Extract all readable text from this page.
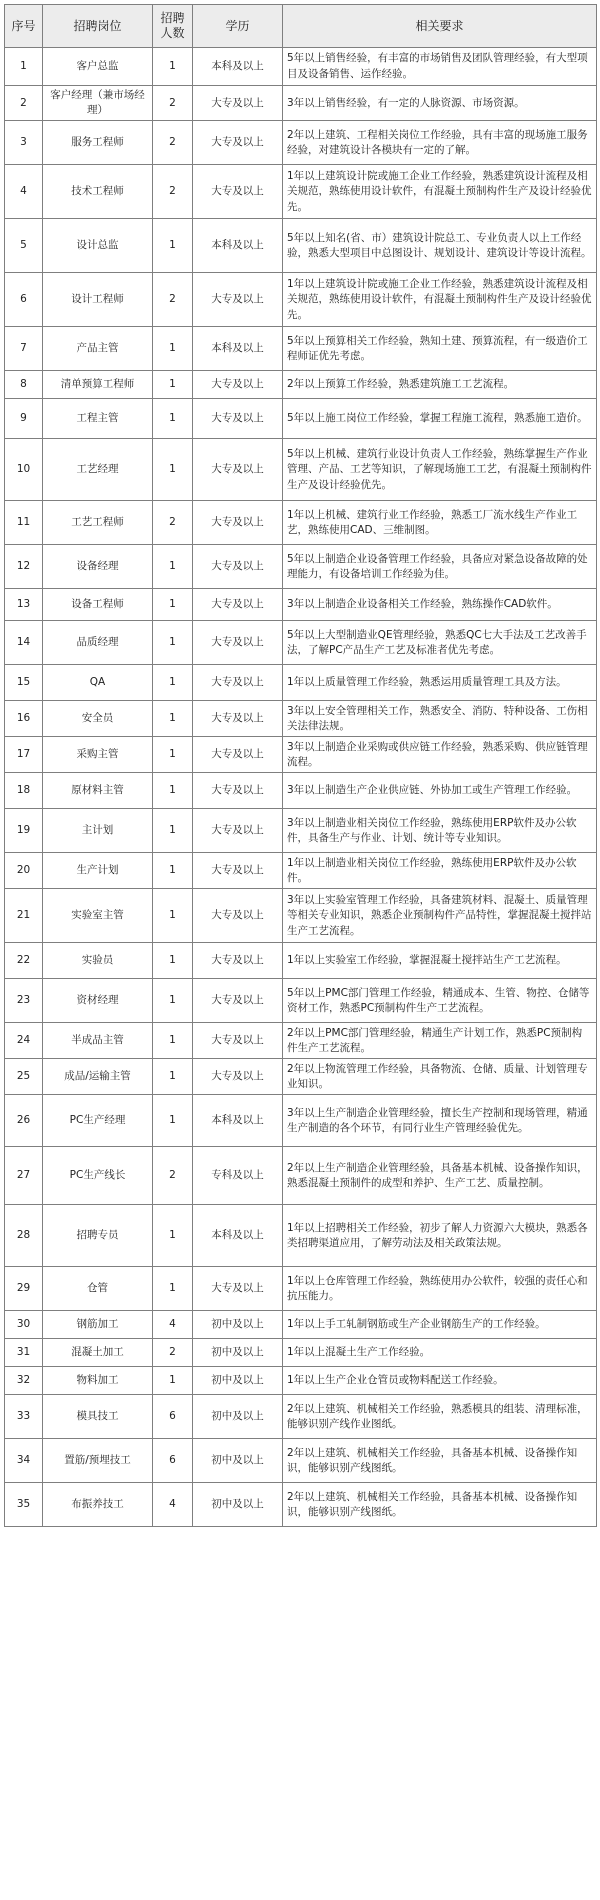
序号	招聘岗位	招聘人数	学历	相关要求
1	客户总监	1	本科及以上	5年以上销售经验，有丰富的市场销售及团队管理经验，有大型项目及设备销售、运作经验。
2	客户经理（兼市场经理）	2	大专及以上	3年以上销售经验，有一定的人脉资源、市场资源。
3	服务工程师	2	大专及以上	2年以上建筑、工程相关岗位工作经验，具有丰富的现场施工服务经验，对建筑设计各模块有一定的了解。
4	技术工程师	2	大专及以上	1年以上建筑设计院或施工企业工作经验，熟悉建筑设计流程及相关规范，熟练使用设计软件，有混凝土预制构件生产及设计经验优先。
5	设计总监	1	本科及以上	5年以上知名(省、市）建筑设计院总工、专业负责人以上工作经验，熟悉大型项目中总图设计、规划设计、建筑设计等设计流程。
6	设计工程师	2	大专及以上	1年以上建筑设计院或施工企业工作经验，熟悉建筑设计流程及相关规范，熟练使用设计软件，有混凝土预制构件生产及设计经验优先。
7	产品主管	1	本科及以上	5年以上预算相关工作经验，熟知土建、预算流程，有一级造价工程师证优先考虑。
8	清单预算工程师	1	大专及以上	2年以上预算工作经验，熟悉建筑施工工艺流程。
9	工程主管	1	大专及以上	5年以上施工岗位工作经验，掌握工程施工流程，熟悉施工造价。
10	工艺经理	1	大专及以上	5年以上机械、建筑行业设计负责人工作经验，熟练掌握生产作业管理、产品、工艺等知识，了解现场施工工艺，有混凝土预制构件生产及设计经验优先。
11	工艺工程师	2	大专及以上	1年以上机械、建筑行业工作经验，熟悉工厂流水线生产作业工艺，熟练使用CAD、三维制图。
12	设备经理	1	大专及以上	5年以上制造企业设备管理工作经验，具备应对紧急设备故障的处理能力，有设备培训工作经验为佳。
13	设备工程师	1	大专及以上	3年以上制造企业设备相关工作经验，熟练操作CAD软件。
14	品质经理	1	大专及以上	5年以上大型制造业QE管理经验，熟悉QC七大手法及工艺改善手法，了解PC产品生产工艺及标准者优先考虑。
15	QA	1	大专及以上	1年以上质量管理工作经验，熟悉运用质量管理工具及方法。
16	安全员	1	大专及以上	3年以上安全管理相关工作，熟悉安全、消防、特种设备、工伤相关法律法规。
17	采购主管	1	大专及以上	3年以上制造企业采购或供应链工作经验，熟悉采购、供应链管理流程。
18	原材料主管	1	大专及以上	3年以上制造生产企业供应链、外协加工或生产管理工作经验。
19	主计划	1	大专及以上	3年以上制造业相关岗位工作经验，熟练使用ERP软件及办公软件，具备生产与作业、计划、统计等专业知识。
20	生产计划	1	大专及以上	1年以上制造业相关岗位工作经验，熟练使用ERP软件及办公软件。
21	实验室主管	1	大专及以上	3年以上实验室管理工作经验，具备建筑材料、混凝土、质量管理等相关专业知识，熟悉企业预制构件产品特性，掌握混凝土搅拌站生产工艺流程。
22	实验员	1	大专及以上	1年以上实验室工作经验，掌握混凝土搅拌站生产工艺流程。
23	资材经理	1	大专及以上	5年以上PMC部门管理工作经验，精通成本、生管、物控、仓储等资材工作，熟悉PC预制构件生产工艺流程。
24	半成品主管	1	大专及以上	2年以上PMC部门管理经验，精通生产计划工作，熟悉PC预制构件生产工艺流程。
25	成品/运输主管	1	大专及以上	2年以上物流管理工作经验，具备物流、仓储、质量、计划管理专业知识。
26	PC生产经理	1	本科及以上	3年以上生产制造企业管理经验，擅长生产控制和现场管理，精通生产制造的各个环节，有同行业生产管理经验优先。
27	PC生产线长	2	专科及以上	2年以上生产制造企业管理经验，具备基本机械、设备操作知识，熟悉混凝土预制件的成型和养护、生产工艺、质量控制。
28	招聘专员	1	本科及以上	1年以上招聘相关工作经验，初步了解人力资源六大模块，熟悉各类招聘渠道应用，了解劳动法及相关政策法规。
29	仓管	1	大专及以上	1年以上仓库管理工作经验，熟练使用办公软件，较强的责任心和抗压能力。
30	钢筋加工	4	初中及以上	1年以上手工轧制钢筋或生产企业钢筋生产的工作经验。
31	混凝土加工	2	初中及以上	1年以上混凝土生产工作经验。
32	物料加工	1	初中及以上	1年以上生产企业仓管员或物料配送工作经验。
33	模具技工	6	初中及以上	2年以上建筑、机械相关工作经验，熟悉模具的组装、清理标准，能够识别产线作业图纸。
34	置筋/预埋技工	6	初中及以上	2年以上建筑、机械相关工作经验，具备基本机械、设备操作知识，能够识别产线图纸。
35	布振养技工	4	初中及以上	2年以上建筑、机械相关工作经验，具备基本机械、设备操作知识，能够识别产线图纸。
